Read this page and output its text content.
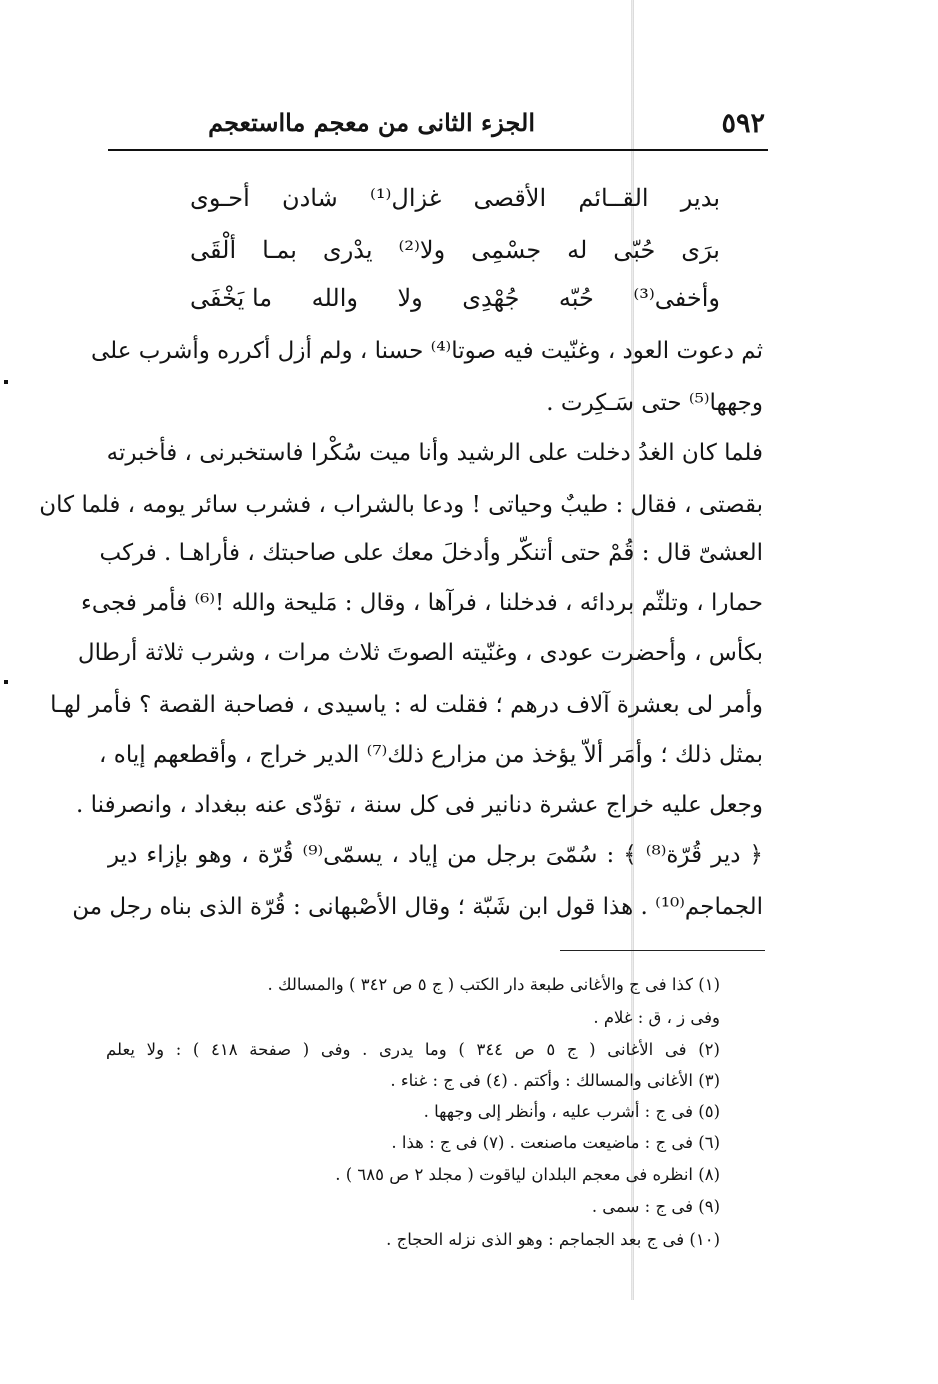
٥٩٢
الجزء الثانى من معجم مااستعجم
بدير
القــائم
الأقصى
غزال⁽¹⁾
شادن
أحـوى
برَى
حُبّى
له
جسْمِى
ولا⁽²⁾
يدْرى
بمـا
ألْقَى
وأخفى⁽³⁾
حُبّه
جُهْدِى
ولا
والله
ما يَخْفَى
ثم دعوت العود ، وغنّيت فيه صوتا⁽⁴⁾ حسنا ، ولم أزل أكرره وأشرب على
وجهها⁽⁵⁾ حتى سَـكِرت .
فلما كان الغدُ دخلت على الرشيد وأنا ميت سُكْرا فاستخبرنى ، فأخبرته
بقصتى ، فقال : طيبٌ وحياتى ! ودعا بالشراب ، فشرب سائر يومه ، فلما كان
العشىّ قال : قُمْ حتى أتنكّر وأدخلَ معك على صاحبتك ، فأراهـا . فركب
حمارا ، وتلثّم بردائه ، فدخلنا ، فرآها ، وقال : مَليحة والله !⁽⁶⁾ فأمر فجىء
بكأس ، وأحضرت عودى ، وغنّيته الصوتَ ثلاث مرات ، وشرب ثلاثة أرطال
وأمر لى بعشرة آلاف درهم ؛ فقلت له : ياسيدى ، فصاحبة القصة ؟ فأمر لهـا
بمثل ذلك ؛ وأمَر ألاّ يؤخذ من مزارع ذلك⁽⁷⁾ الدير خراج ، وأقطعهم إياه ،
وجعل عليه خراج عشرة دنانير فى كل سنة ، تؤدّى عنه ببغداد ، وانصرفنا .
﴿ دير قُرّة⁽⁸⁾ ﴾ : سُمّىَ برجل من إياد ، يسمّى⁽⁹⁾ قُرّة ، وهو بإزاء دير
الجماجم⁽¹⁰⁾ . هذا قول ابن شَبّة ؛ وقال الأصْبهانى : قُرّة الذى بناه رجل من
(١) كذا فى ج والأغانى طبعة دار الكتب ( ج ٥ ص ٣٤٢ ) والمسالك .
وفى ز ، ق : غلام .
(٢) فى الأغانى ( ج ٥ ص ٣٤٤ ) وما يدرى . وفى ( صفحة ٤١٨ ) : ولا يعلم
(٣) الأغانى والمسالك : وأكتم . (٤) فى ج : غناء .
(٥) فى ج : أشرب عليه ، وأنظر إلى وجهها .
(٦) فى ج : ماضيعت ماصنعت . (٧) فى ج : هذا .
(٨) انظره فى معجم البلدان لياقوت ( مجلد ٢ ص ٦٨٥ ) .
(٩) فى ج : سمى .
(١٠) فى ج بعد الجماجم : وهو الذى نزله الحجاج .
